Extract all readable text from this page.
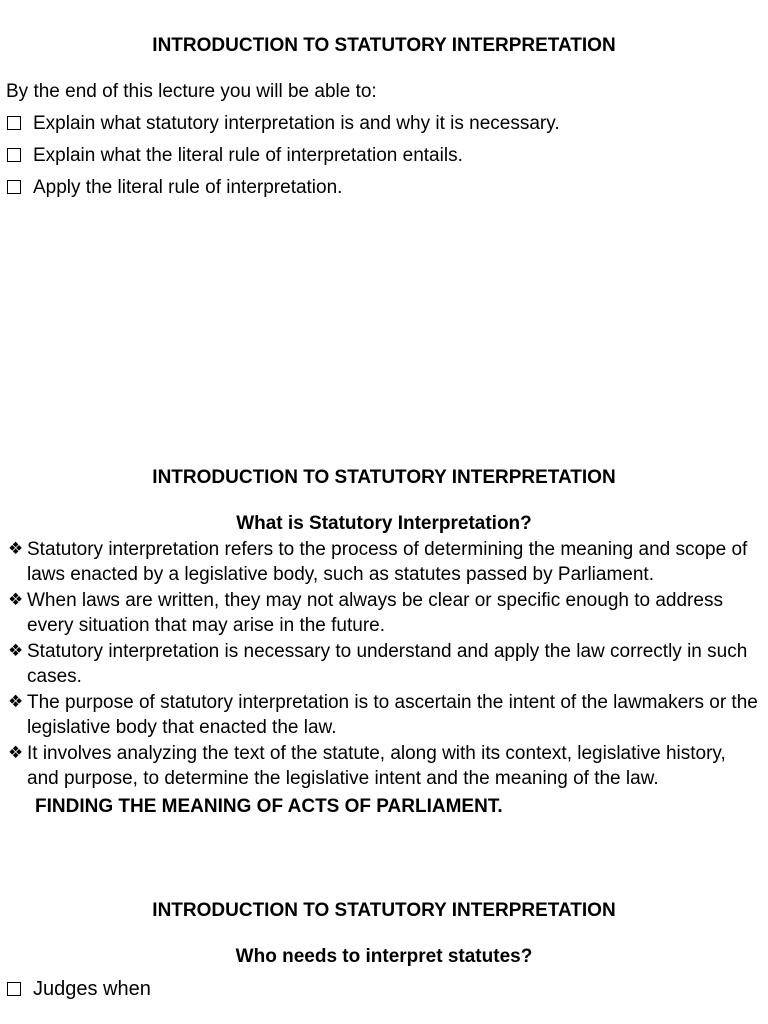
INTRODUCTION TO STATUTORY INTERPRETATION

By the end of this lecture you will be able to:

Explain what statutory interpretation is and why it is necessary.
Explain what the literal rule of interpretation entails.
Apply the literal rule of interpretation.
INTRODUCTION TO STATUTORY INTERPRETATION
What is Statutory Interpretation?
❖ Statutory interpretation refers to the process of determining the meaning and scope of laws enacted by a legislative body, such as statutes passed by Parliament.
❖ When laws are written, they may not always be clear or specific enough to address every situation that may arise in the future.
❖ Statutory interpretation is necessary to understand and apply the law correctly in such cases.
❖ The purpose of statutory interpretation is to ascertain the intent of the lawmakers or the legislative body that enacted the law.
❖ It involves analyzing the text of the statute, along with its context, legislative history, and purpose, to determine the legislative intent and the meaning of the law.

FINDING THE MEANING OF ACTS OF PARLIAMENT.

INTRODUCTION TO STATUTORY INTERPRETATION
Who needs to interpret statutes?
Judges when
